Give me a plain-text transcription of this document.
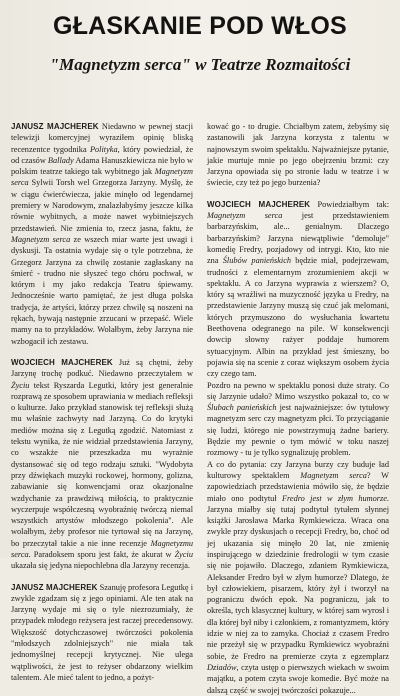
GŁASKANIE POD WŁOS
"Magnetyzm serca" w Teatrze Rozmaitości

JANUSZ MAJCHEREK Niedawno w pewnej stacji telewizji komercyjnej wyraziłem opinię bliską recenzentce tygodnika Polityka, który powiedział, że od czasów Ballady Adama Hanuszkiewicza nie było w polskim teatrze takiego tak wybitnego jak Magnetyzm serca Sylwii Torsh wel Grzegorza Jarzyny. Myślę, że w ciągu ćwierćwiecza, jakie minęło od legendarnej premiery w Narodowym, znalazłabyśmy jeszcze kilka równie wybitnych, a może nawet wybitniejszych przedstawień. Nie zmienia to, rzecz jasna, faktu, że Magnetyzm serca ze wszech miar warte jest uwagi i dyskusji. Ta ostatnia wydaje się o tyle potrzebna, że Grzegorz Jarzyna za chwilę zostanie zagłaskany na śmierć - trudno nie słyszeć tego chóru pochwał, w którym i my jako redakcja Teatru śpiewamy. Jednocześnie warto pamiętać, że jest długa polska tradycja, że artyści, którzy przez chwilę są noszeni na rękach, bywają następnie zrzucani w przepaść. Wiele mamy na to przykładów. Wolałbym, żeby Jarzyna nie wzbogacił ich zestawu.

WOJCIECH MAJCHEREK Już są chętni, żeby Jarzynę trochę podkuć. Niedawno przeczytałem w Życiu tekst Ryszarda Legutki, który jest generalnie rozprawą ze sposobem uprawiania w mediach refleksji o kulturze. Jako przykład stanowisk tej refleksji służą mu właśnie zachwyty nad Jarzyną. Co do krytyki mediów można się z Legutką zgodzić. Natomiast z tekstu wynika, że nie widział przedstawienia Jarzyny, co wszakże nie przeszkadza mu wyrażnie dystansować się od tego rodzaju sztuki. "Wydobyta przy dźwiękach muzyki rockowej, hormony, golizna, zabawianie się konwencjami oraz okazjonalne wzdychanie za prawdziwą miłością, to praktycznie wyczerpuje współczesną wyobraźnię twórczą niemal wszystkich artystów młodszego pokolenia". Ale wolałbym, żeby profesor nie tyrtował się na Jarzynę, bo przeczytał takie a nie inne recenzje Magnetyzmu serca. Paradoksem sporu jest fakt, że akurat w Życiu ukazała się jedyna niepochlebna dla Jarzyny recenzja.

JANUSZ MAJCHEREK Szanuję profesora Legutkę i zwykle zgadzam się z jego opiniami. Ale ten atak na Jarzynę wydaje mi się o tyle niezrozumiały, że przypadek młodego reżysera jest raczej precedensowy. Większość dotychczasowej twórczości pokolenia "młodszych zdolniejszych" nie miała tak jednomyślnej recepcji krytycznej. Nie ulega wątpliwości, że jest to reżyser obdarzony wielkim talentem. Ale mieć talent to jedno, a pożyt-

kować go - to drugie. Chciałbym zatem, żebyśmy się zastanowili jak Jarzyna korzysta z talentu w najnowszym swoim spektaklu. Najważniejsze pytanie, jakie murtuje mnie po jego obejrzeniu brzmi: czy Jarzyna opowiada się po stronie ładu w teatrze i w świecie, czy też po jego burzenia?

WOJCIECH MAJCHEREK Powiedziałbym tak: Magnetyzm serca jest przedstawieniem barbarzyńskim, ale... genialnym. Dlaczego barbarzyńskim? Jarzyna niewątpliwie "demoluje" komedię Fredry, pozjadowy od intrygi. Kto, kto nie zna Ślubów panieńskich będzie miał, podejrzewam, trudności z elementarnym zrozumieniem akcji w spektaklu. A co Jarzyna wyprawia z wierszem? O, który są wraźliwi na muzyczność języka u Fredry, na przedstawienie Jarzyny muszą się czuć jak melomani, których przymuszono do wysłuchania kwartetu Beethovena odegranego na pile. W konsekwencji dowcip słowny rażyer poddaje humorem sytuacyjnym. Albin na przykład jest śmieszny, bo pojawia się na scenie z coraz większym osobem życia czy czego tam.

Pozdro na pewno w spektaklu ponosi duże straty. Co się Jarzynie udało? Mimo wszystko pokazał to, co w Ślubach panieńskich jest najważniejsze: ów tytułowy magnetyzm serc czy magnetyzm płci. To przyciąganie się ludzi, którego nie powstrzymują żadne bariery. Będzie my pewnie o tym mówić w toku naszej rozmowy - tu je tylko sygnalizuję problem.

A co do pytania: czy Jarzyna burzy czy buduje ład kulturowy spektaklem Magnetyzm serca? W zapowiedziach przedstawienia mówiło się, że będzie miało ono podtytuł Fredro jest w złym humorze. Jarzyna miałby się tutaj podtytuł tytułem słynnej książki Jarosława Marka Rymkiewicza. Wraca ona zwykle przy dyskusjach o recepcji Fredry, bo, choć od jej ukazania się minęło 20 lat, nie zmienię inspirującego w dziedzinie fredrologii w tym czasie się nie pojawiło. Dlaczego, zdaniem Rymkiewicza, Aleksander Fredro był w złym humorze? Dlatego, że był człowiekiem, pisarzem, który żył i tworzył na pograniczu dwóch epok. Na pograniczu, jak to określa, tych klasycznej kultury, w której sam wyrosł i dla której był niby i członkiem, z romantyzmem, który idzie w niej za to zamyka. Chociaż z czasem Fredro nie przeżył się w przypadku Rymkiewicz wyobraźni sobie, że Fredro na premierze czyta z egzemplarz Dziadów, czyta ustęp o pierwszych wiekach w swoim majątku, a potem czyta swoje komedie. Być może na dalszą część w swojej twórczości pokazuje...
